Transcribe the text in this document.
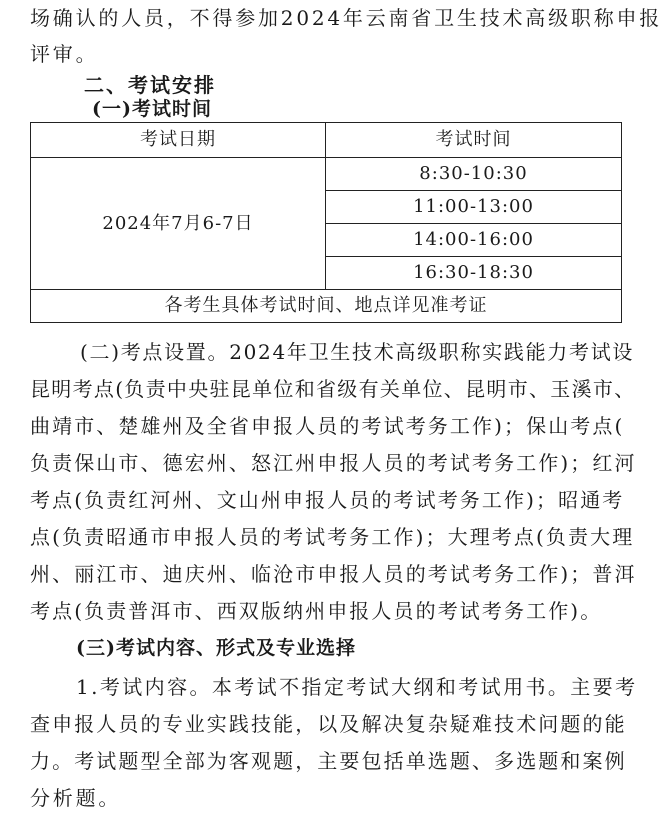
场确认的人员，不得参加2024年云南省卫生技术高级职称申报
评审。
二、考试安排
(一)考试时间
考试日期	考试时间
2024年7月6-7日	8:30-10:30
	11:00-13:00
	14:00-16:00
	16:30-18:30
各考生具体考试时间、地点详见准考证	
(二)考点设置。2024年卫生技术高级职称实践能力考试设
昆明考点(负责中央驻昆单位和省级有关单位、昆明市、玉溪市、
曲靖市、楚雄州及全省申报人员的考试考务工作)；保山考点(
负责保山市、德宏州、怒江州申报人员的考试考务工作)；红河
考点(负责红河州、文山州申报人员的考试考务工作)；昭通考
点(负责昭通市申报人员的考试考务工作)；大理考点(负责大理
州、丽江市、迪庆州、临沧市申报人员的考试考务工作)；普洱
考点(负责普洱市、西双版纳州申报人员的考试考务工作)。
(三)考试内容、形式及专业选择
1.考试内容。本考试不指定考试大纲和考试用书。主要考
查申报人员的专业实践技能，以及解决复杂疑难技术问题的能
力。考试题型全部为客观题，主要包括单选题、多选题和案例
分析题。
